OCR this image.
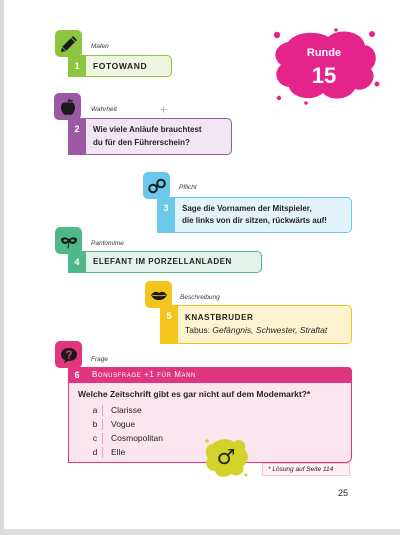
Runde
15
Malen
1	FOTOWAND
Wahrheit
2	Wie viele Anläufe brauchtest
du für den Führerschein?
Pflicht
3	Sage die Vornamen der Mitspieler,
die links von dir sitzen, rückwärts auf!
Pantomime
4	ELEFANT IM PORZELLANLADEN
Beschreibung
5	KNASTBRUDER
Tabus: Gefängnis, Schwester, Straftat
Frage
6	Bonusfrage +1 für Mann
Welche Zeitschrift gibt es gar nicht auf dem Modemarkt?*
a	Clarisse
b	Vogue
c	Cosmopolitan
d	Elle	♂
* Lösung auf Seite 114
25
